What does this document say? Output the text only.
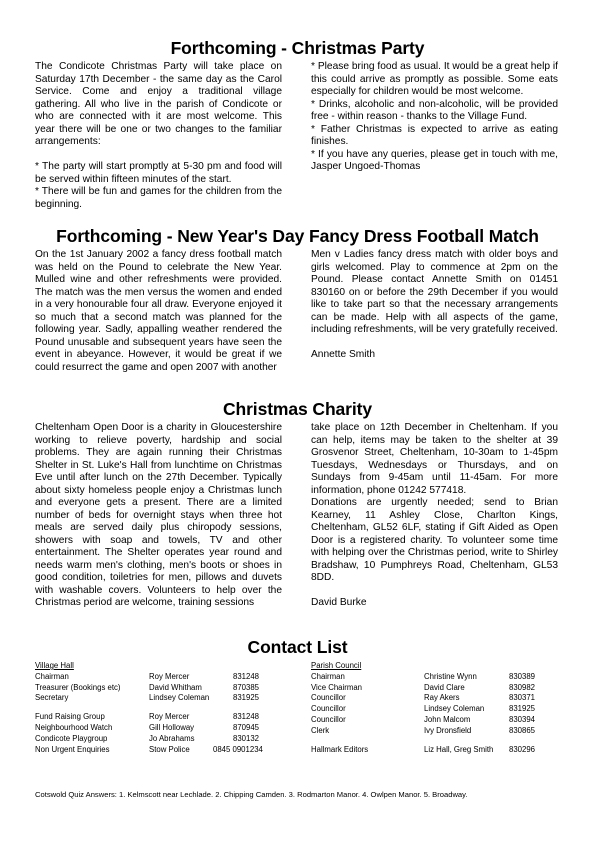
Forthcoming - Christmas Party

The Condicote Christmas Party will take place on Saturday 17th December - the same day as the Carol Service. Come and enjoy a traditional village gathering. All who live in the parish of Condicote or who are connected with it are most welcome. This year there will be one or two changes to the familiar arrangements:

* The party will start promptly at 5-30 pm and food will be served within fifteen minutes of the start.

* There will be fun and games for the children from the beginning.

* Please bring food as usual. It would be a great help if this could arrive as promptly as possible. Some eats especially for children would be most welcome.

* Drinks, alcoholic and non-alcoholic, will be provided free - within reason - thanks to the Village Fund.

* Father Christmas is expected to arrive as eating finishes.

* If you have any queries, please get in touch with me, Jasper Ungoed-Thomas

Forthcoming - New Year's Day Fancy Dress Football Match

On the 1st January 2002 a fancy dress football match was held on the Pound to celebrate the New Year. Mulled wine and other refreshments were provided. The match was the men versus the women and ended in a very honourable four all draw. Everyone enjoyed it so much that a second match was planned for the following year. Sadly, appalling weather rendered the Pound unusable and subsequent years have seen the event in abeyance. However, it would be great if we could resurrect the game and open 2007 with another

Men v Ladies fancy dress match with older boys and girls welcomed. Play to commence at 2pm on the Pound. Please contact Annette Smith on 01451 830160 on or before the 29th December if you would like to take part so that the necessary arrangements can be made. Help with all aspects of the game, including refreshments, will be very gratefully received.

Annette Smith

Christmas Charity

Cheltenham Open Door is a charity in Gloucestershire working to relieve poverty, hardship and social problems. They are again running their Christmas Shelter in St. Luke's Hall from lunchtime on Christmas Eve until after lunch on the 27th December. Typically about sixty homeless people enjoy a Christmas lunch and everyone gets a present. There are a limited number of beds for overnight stays when three hot meals are served daily plus chiropody sessions, showers with soap and towels, TV and other entertainment. The Shelter operates year round and needs warm men's clothing, men's boots or shoes in good condition, toiletries for men, pillows and duvets with washable covers. Volunteers to help over the Christmas period are welcome, training sessions

take place on 12th December in Cheltenham. If you can help, items may be taken to the shelter at 39 Grosvenor Street, Cheltenham, 10-30am to 1-45pm Tuesdays, Wednesdays or Thursdays, and on Sundays from 9-45am until 11-45am. For more information, phone 01242 577418.

Donations are urgently needed; send to Brian Kearney, 11 Ashley Close, Charlton Kings, Cheltenham, GL52 6LF, stating if Gift Aided as Open Door is a registered charity. To volunteer some time with helping over the Christmas period, write to Shirley Bradshaw, 10 Pumphreys Road, Cheltenham, GL53 8DD.

David Burke

Contact List
Village Hall
Chairman	Roy Mercer	831248
Treasurer (Bookings etc)	David Whitham	870385
Secretary	Lindsey Coleman	831925
Fund Raising Group	Roy Mercer	831248
Neighbourhood Watch	Gill Holloway	870945
Condicote Playgroup	Jo Abrahams	830132
Non Urgent Enquiries	Stow Police	0845 0901234
Parish Council
Chairman	Christine Wynn	830389
Vice Chairman	David Clare	830982
Councillor	Ray Akers	830371
Councillor	Lindsey Coleman	831925
Councillor	John Malcom	830394
Clerk	Ivy Dronsfield	830865
Hallmark Editors	Liz Hall, Greg Smith 830296
Cotswold Quiz Answers: 1. Kelmscott near Lechlade. 2. Chipping Camden. 3. Rodmarton Manor. 4. Owlpen Manor. 5. Broadway.
